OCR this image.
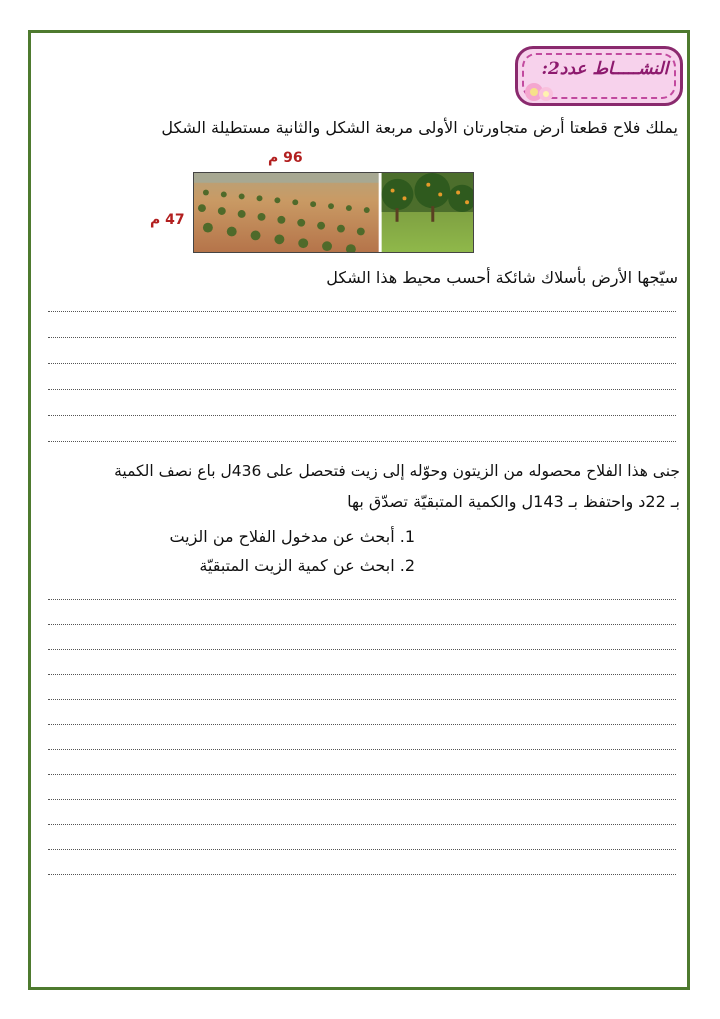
النشـــــاط عدد2:
يملك فلاح قطعتا أرض متجاورتان الأولى مربعة الشكل والثانية مستطيلة الشكل
96 م
47 م
سيّجها الأرض بأسلاك شائكة أحسب محيط هذا الشكل
جنى هذا الفلاح محصوله من الزيتون وحوّله إلى زيت فتحصل على 436ل باع نصف الكمية
بـ 22د واحتفظ بـ 143ل والكمية المتبقيّة تصدّق بها
1. أبحث عن مدخول الفلاح من الزيت
2. ابحث عن كمية الزيت المتبقيّة
